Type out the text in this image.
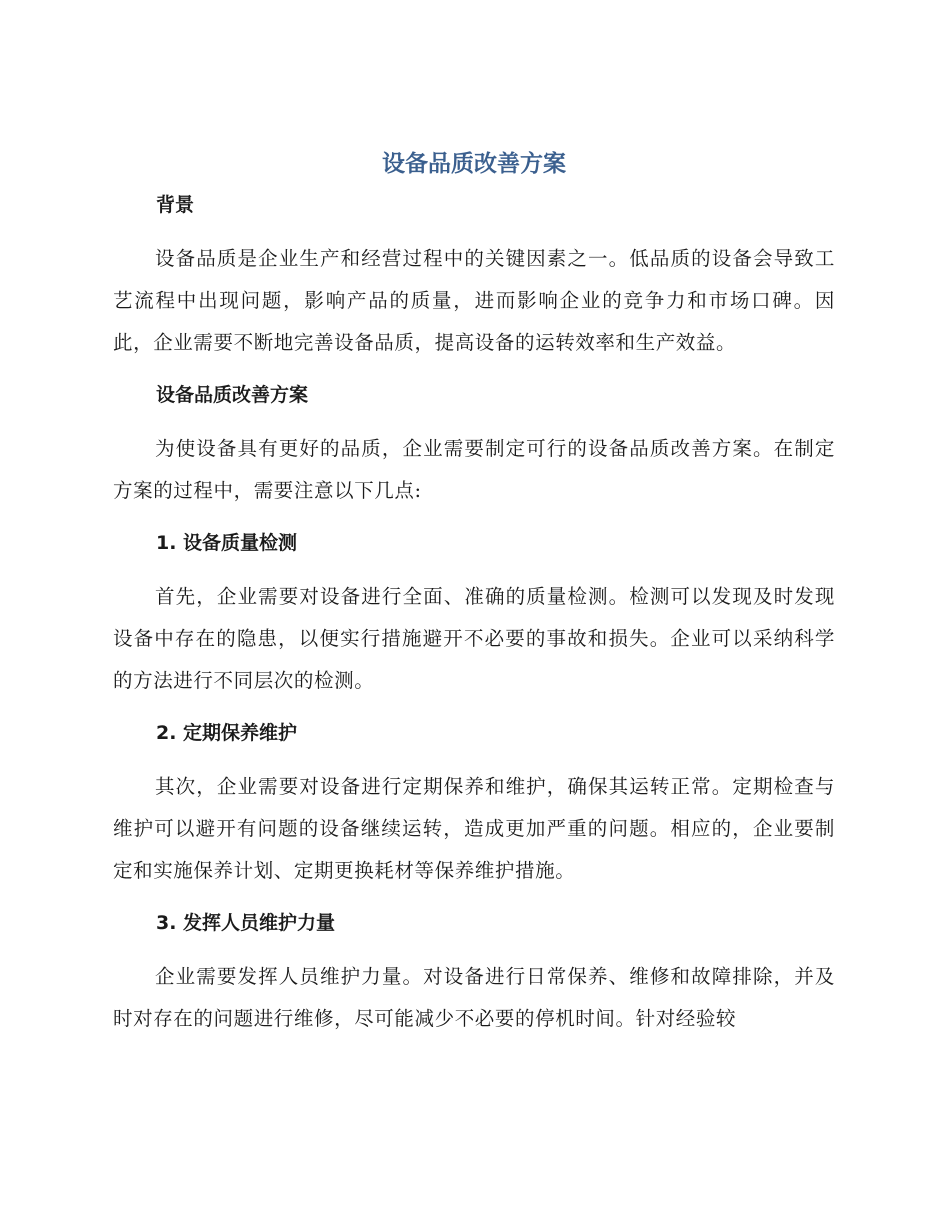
设备品质改善方案
背景

设备品质是企业生产和经营过程中的关键因素之一。低品质的设备会导致工艺流程中出现问题，影响产品的质量，进而影响企业的竞争力和市场口碑。因此，企业需要不断地完善设备品质，提高设备的运转效率和生产效益。

设备品质改善方案

为使设备具有更好的品质，企业需要制定可行的设备品质改善方案。在制定方案的过程中，需要注意以下几点:

1. 设备质量检测

首先，企业需要对设备进行全面、准确的质量检测。检测可以发现及时发现设备中存在的隐患，以便实行措施避开不必要的事故和损失。企业可以采纳科学的方法进行不同层次的检测。

2. 定期保养维护

其次，企业需要对设备进行定期保养和维护，确保其运转正常。定期检查与维护可以避开有问题的设备继续运转，造成更加严重的问题。相应的，企业要制定和实施保养计划、定期更换耗材等保养维护措施。

3. 发挥人员维护力量

企业需要发挥人员维护力量。对设备进行日常保养、维修和故障排除，并及时对存在的问题进行维修，尽可能减少不必要的停机时间。针对经验较
